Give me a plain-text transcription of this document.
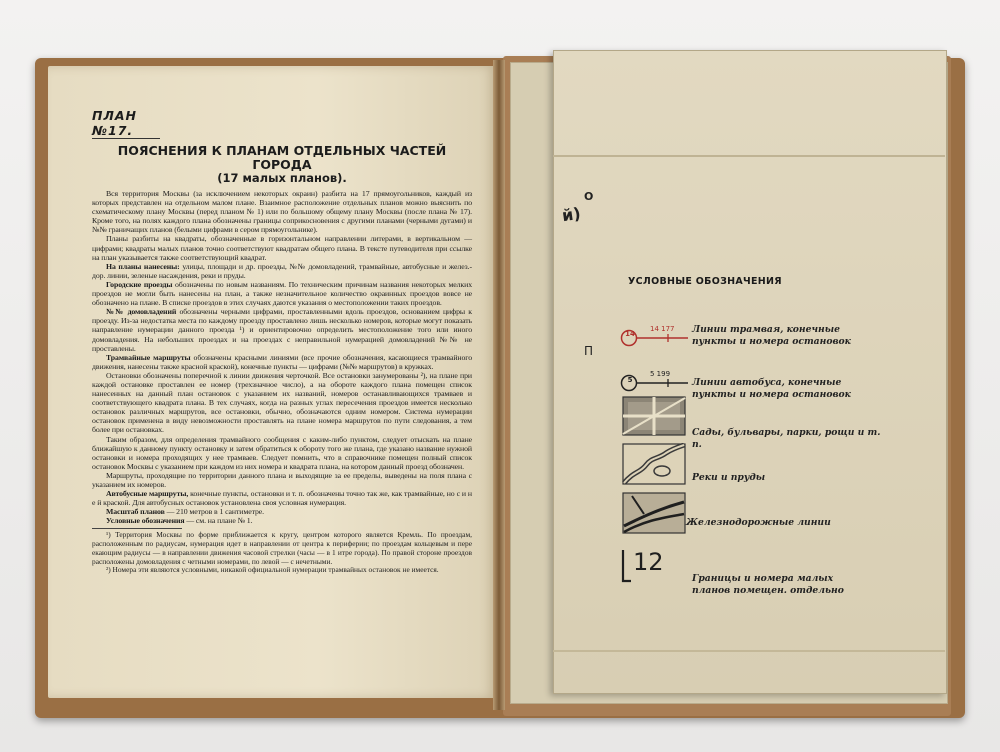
й)
О
П
ПЛАН №17.
ПОЯСНЕНИЯ К ПЛАНАМ ОТДЕЛЬНЫХ ЧАСТЕЙ ГОРОДА
(17 малых планов).

Вся территория Москвы (за исключением некоторых окраин) разбита на 17 прямоугольников, каждый из которых представлен на отдельном малом плане. Взаимное расположение отдельных планов можно выяснить по схематическому плану Москвы (перед планом № 1) или по большому общему плану Москвы (после плана № 17). Кроме того, на полях каждого плана обозначены границы соприкосновения с другими планами (черными дугами) и №№ граничащих планов (белыми цифрами в сером прямоугольнике).

Планы разбиты на квадраты, обозначенные в горизонтальном направлении литерами, в вертикальном — цифрами; квадраты малых планов точно соответствуют квадратам общего плана. В тексте путеводителя при ссылке на план указывается также соответствующий квадрат.

На планы нанесены: улицы, площади и др. проезды, №№ домовладений, трамвайные, автобусные и желез.-дор. линии, зеленые насаждения, реки и пруды.

Городские проезды обозначены по новым названиям. По техническим причинам названия некоторых мелких проездов не могли быть нанесены на план, а также незначительное количество окраинных проездов вовсе не обозначено на плане. В списке проездов в этих случаях даются указания о местоположении таких проездов.

№№ домовладений обозначены черными цифрами, проставленными вдоль проездов, основанием цифры к проезду. Из-за недостатка места по каждому проезду проставлено лишь несколько номеров, которые могут показать направление нумерации данного проезда ¹) и ориентировочно определить местоположение того или иного домовладения. На небольших проездах и на проездах с неправильной нумерацией домовладений №№ не проставлены.

Трамвайные маршруты обозначены красными линиями (все прочие обозначения, касающиеся трамвайного движения, нанесены также красной краской), конечные пункты — цифрами (№№ маршрутов) в кружках.

Остановки обозначены поперечной к линии движения черточкой. Все остановки занумерованы ²), на плане при каждой остановке проставлен ее номер (трехзначное число), а на обороте каждого плана помещен список нанесенных на данный план остановок с указанием их названий, номеров останавливающихся трамваев и соответствующего квадрата плана. В тех случаях, когда на разных углах пересечения проездов имеется несколько остановок различных маршрутов, все остановки, обычно, обозначаются одним номером. Система нумерации остановок применена в виду невозможности проставлять на плане номера маршрутов по пути следования, а тем более при остановках.

Таким образом, для определения трамвайного сообщения с каким-либо пунктом, следует отыскать на плане ближайшую к данному пункту остановку и затем обратиться к обороту того же плана, где указано название нужной остановки и номера проходящих у нее трамваев. Следует помнить, что в справочнике помещен полный список остановок Москвы с указанием при каждом из них номера и квадрата плана, на котором данный проезд обозначен.

Маршруты, проходящие по территории данного плана и выходящие за ее пределы, выведены на поля плана с указанием их номеров.

Автобусные маршруты, конечные пункты, остановки и т. п. обозначены точно так же, как трамвайные, но с и н е й краской. Для автобусных остановок установлена своя условная нумерация.

Масштаб планов — 210 метров в 1 сантиметре.

Условные обозначения — см. на плане № 1.

¹) Территория Москвы по форме приближается к кругу, центром которого является Кремль. По проездам, расположенным по радиусам, нумерация идет в направлении от центра к периферии; по проездам кольцевым и пере екающим радиусы — в направлении движения часовой стрелки (часы — в 1 итре города). По правой стороне проездов расположены домовладения с четными номерами, по левой — с нечетными.

²) Номера эти являются условными, никакой официальной нумерации трамвайных остановок не имеется.

УСЛОВНЫЕ ОБОЗНАЧЕНИЯ
14
14 177 Линии трамвая, конечные пункты и номера остановок
5
5 199
Линии автобуса, конечные пункты и номера остановок
Сады, бульвары, парки, рощи и т. п.
Реки и пруды
Железнодорожные линии
12
Границы и номера малых планов помещен. отдельно
